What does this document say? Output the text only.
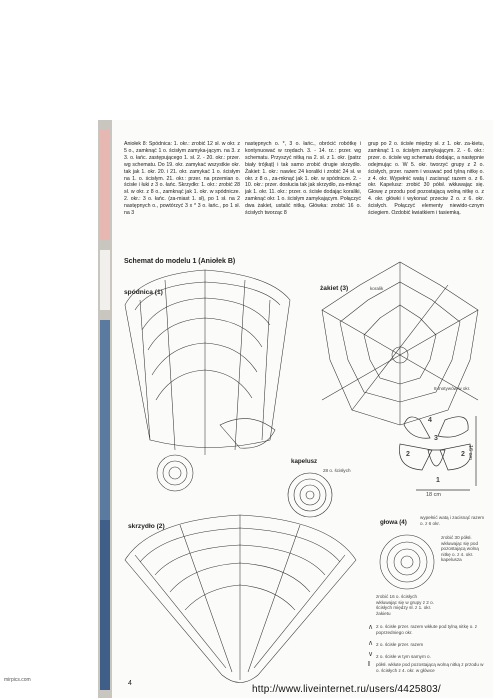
Aniołek 8: Spódnica: 1. okr.: zrobić 12 sł. w okr. z 5 o., zamknąć 1 o. ścisłym zamyka-jącym. na 3. z 3. o. łańc. zastępującego 1. sł. 2. - 20. okr.: przer. wg schematu. Do 19. okr. zamykać wszystkie okr. tak jak 1. okr. 20. i 21. okr. zamykać 1 o. ścisłym na 1. o. ścisłym. 21. okr.: przer. na przemian o. ścisłe i łuki z 3 o. łańc. Skrzydło: 1. okr.: zrobić 28 sł. w okr. z 8 o., zamknąć jak 1. okr. w spódnicze. 2. okr.: 3 o. łańc. (za-miast 1. sł), po 1 sł. na 2 następnych o., powtórzyć 3 x * 3 o. łańc., po 1 sł. na 3
następnych o. *, 3 o. łańc., obrócić robótkę i kontynuować w rzędach. 3. - 14. rz.: przer. wg schematu. Przyszyć nitką na 2. sł. z 1. okr. (patrz biały trójkąt) i tak samo zrobić drugie skrzydło. Żakiet: 1. okr.: nawlec 24 koraliki i zrobić 24 sł. w okr. z 8 o., za-mknąć jak 1. okr. w spódnicze. 2. - 10. okr.: przer. dosłucia tak jak skrzydło, za-mknąć jak 1. okr. 11. okr.: przer. o. ścisłe dodając koraliki, zamknąć okr. 1 o. ścisłym zamykającym. Połączyć dwa żakiet, ustalić nitką. Główka: zrobić 16 o. ścisłych tworząc 8
grup po 2 o. ścisłe między sł. z 1. okr. za-kietu, zamknąć 1 o. ścisłym zamykającym. 2. - 6. okr.: przer. o. ścisłe wg schematu dodając, a następnie odejmując o. W 5. okr. tworzyć grupy z 2 o. ścisłych, przer. razem i wsuwać pod tylną nitkę o. z 4. okr. Wypełnić watą i zacisnąć razem o. z 6. okr. Kapelusz: zrobić 30 półsł. wkłuwając się. Głowę z przodu pod pozostającą wolną nitkę o. z 4. okr. główki i wykonać przeciw 2 o. z 6. okr. ścisłych. Połączyć elementy niewido-cznym ściegiem. Ozdobić kwiatkiem i tasiemką.
Schemat do modelu 1 (Aniołek B)
spódnica (1)
żakiet (3)	koralik
8 motywów w okr.
kapelusz
28 o. ścisłych
skrzydło (2)
głowa (4)
wypełnić watą i zacisnąć razem o. z 6 okr.
zrobić 30 półsł. wkłuwając się pod pozostającą wolną nitkę o. z 4. okr. kapelusza
zrobić 16 o. ścisłych wkłuwając się w grupy z 2 o. ścisłych między sł. z 1. okr. żakietu
16 cm
18 cm
4
3
2	2
1
∧ 2 o. ścisłe przer. razem wkłute pod tylną nitkę o. z poprzedniego okr.
∧ 2 o. ścisłe przer. razem
∨ 2 o. ścisłe w tym samym o.
I półsł. wkłute pod pozostającą wolną nitką z przodu w o. ścisłych z 4. okr. w główce
4
http://www.liveinternet.ru/users/4425803/
mirpics.com
